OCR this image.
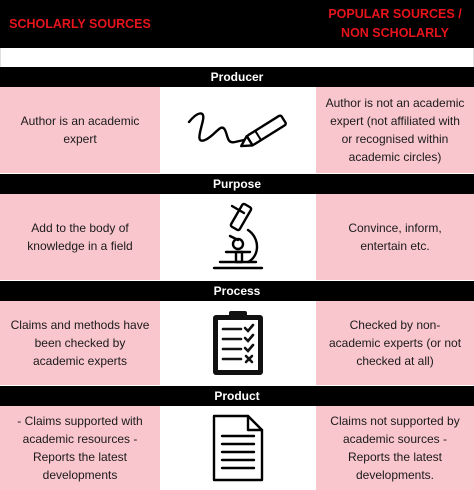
SCHOLARLY SOURCES
POPULAR SOURCES /
NON SCHOLARLY
Producer
Author is an academic expert
Author is not an academic expert (not affiliated with or recognised within academic circles)
Purpose
Add to the body of knowledge in a field
Convince, inform, entertain etc.
Process
Claims and methods have been checked by academic experts
Checked by non-academic experts (or not checked at all)
Product
- Claims supported with academic resources - Reports the latest developments
Claims not supported by academic sources - Reports the latest developments.
